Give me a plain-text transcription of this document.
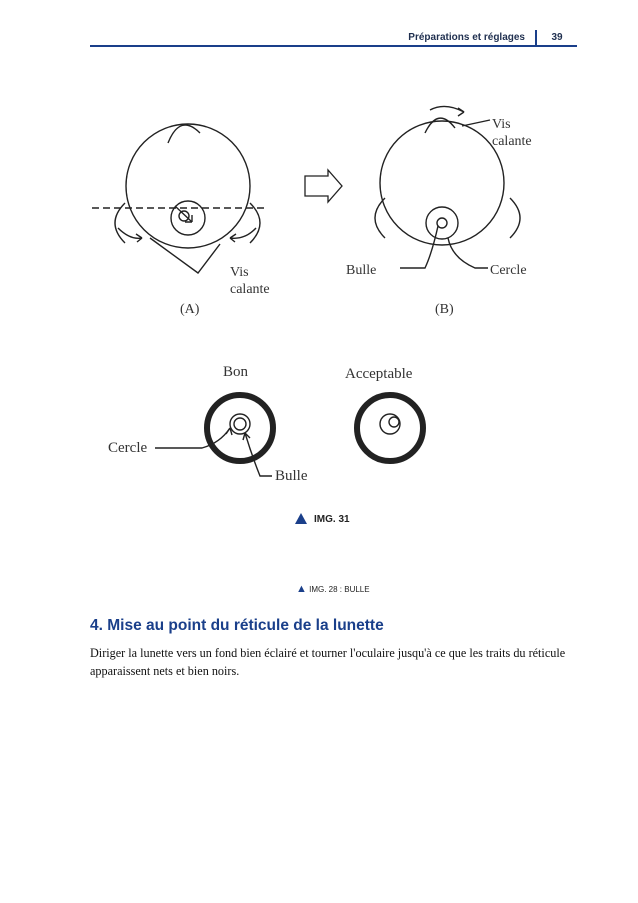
Préparations et réglages	39
Vis
calante
(A)
Vis
calante
Bulle	Cercle
(B)
Bon	Acceptable
Cercle
Bulle
IMG. 31
▲ IMG. 28 : BULLE
4. Mise au point du réticule de la lunette

Diriger la lunette vers un fond bien éclairé et tourner l'oculaire jusqu'à ce que les traits du réticule apparaissent nets et bien noirs.
